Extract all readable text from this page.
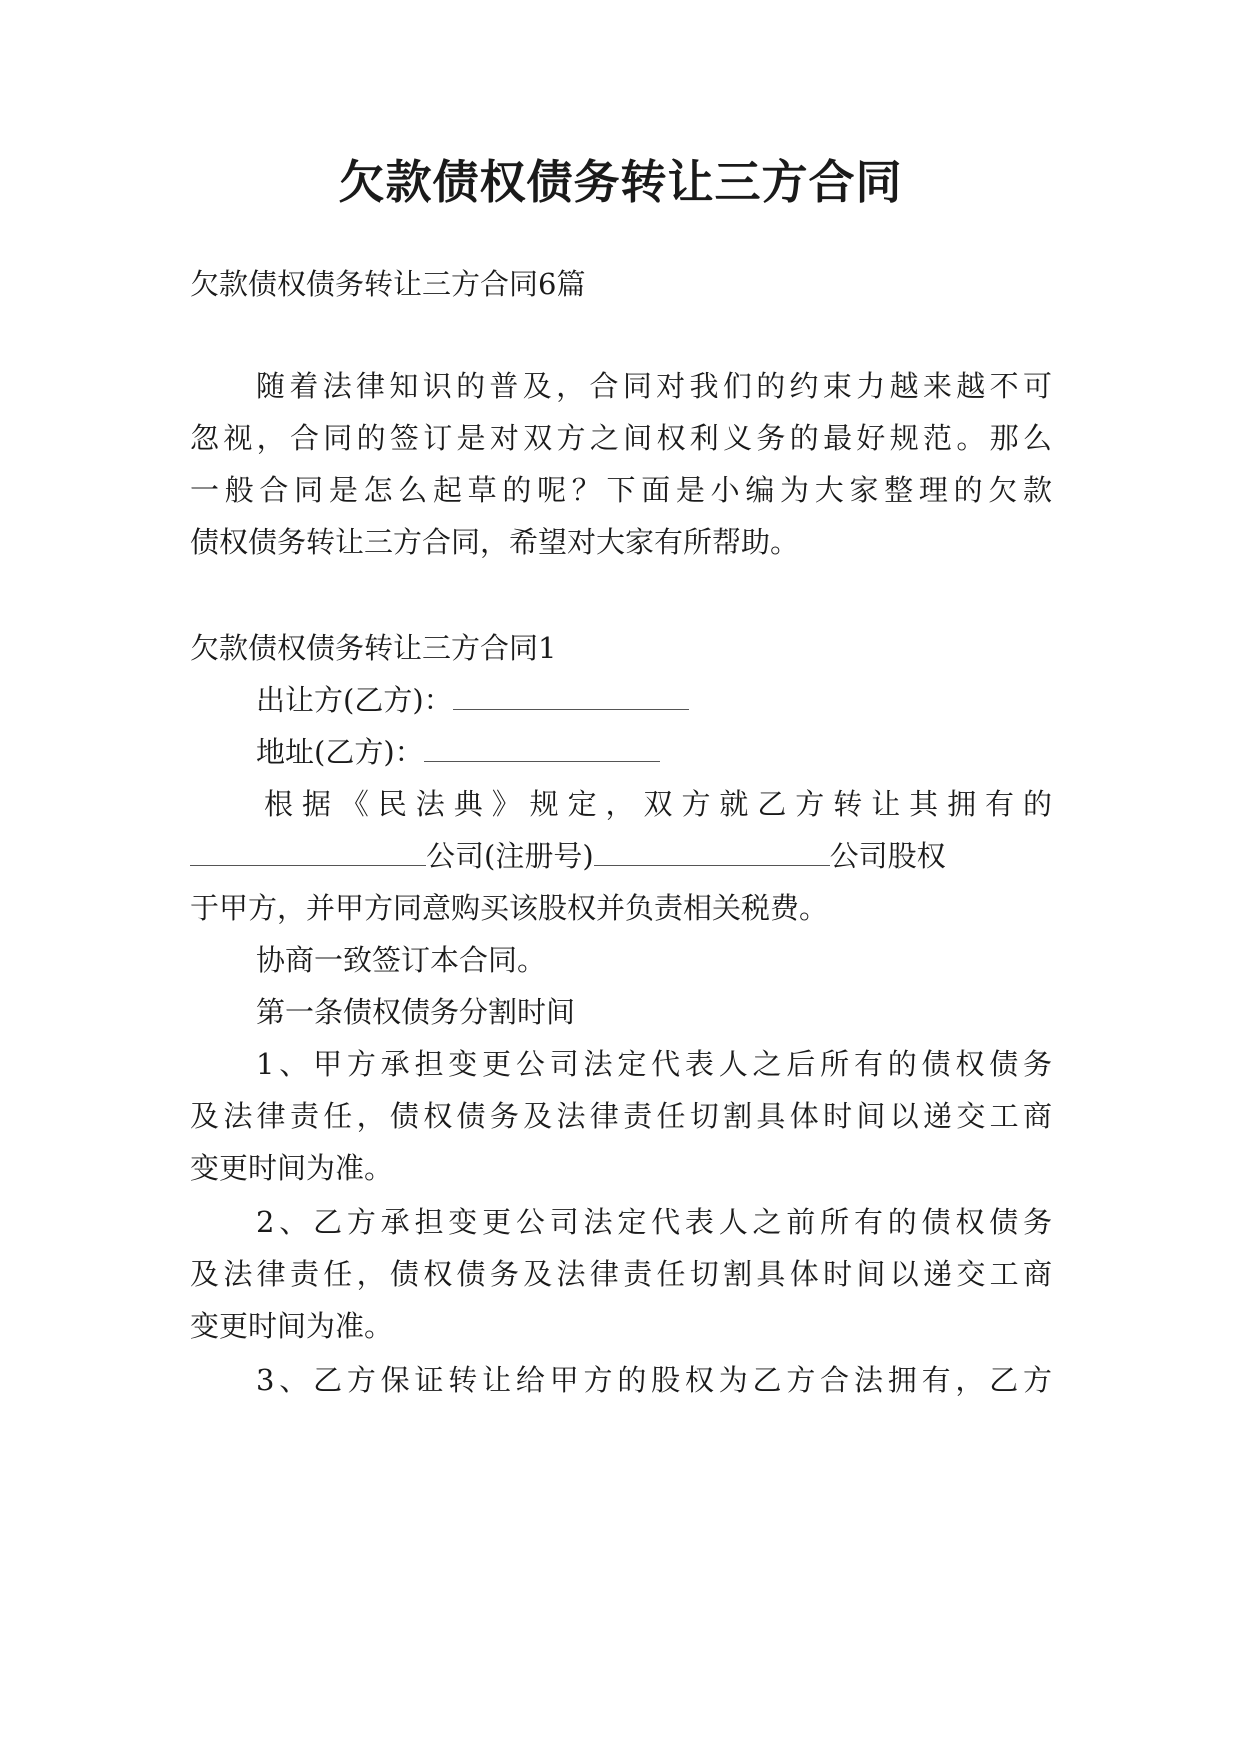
欠款债权债务转让三方合同
欠款债权债务转让三方合同6篇
随着法律知识的普及，合同对我们的约束力越来越不可
忽视，合同的签订是对双方之间权利义务的最好规范。那么
一般合同是怎么起草的呢？下面是小编为大家整理的欠款
债权债务转让三方合同，希望对大家有所帮助。
欠款债权债务转让三方合同1
出让方(乙方)：
地址(乙方)：
根据《民法典》规定，双方就乙方转让其拥有的
公司(注册号)	公司股权
于甲方，并甲方同意购买该股权并负责相关税费。
协商一致签订本合同。
第一条债权债务分割时间
1、甲方承担变更公司法定代表人之后所有的债权债务
及法律责任，债权债务及法律责任切割具体时间以递交工商
变更时间为准。
2、乙方承担变更公司法定代表人之前所有的债权债务
及法律责任，债权债务及法律责任切割具体时间以递交工商
变更时间为准。
3、乙方保证转让给甲方的股权为乙方合法拥有，乙方
